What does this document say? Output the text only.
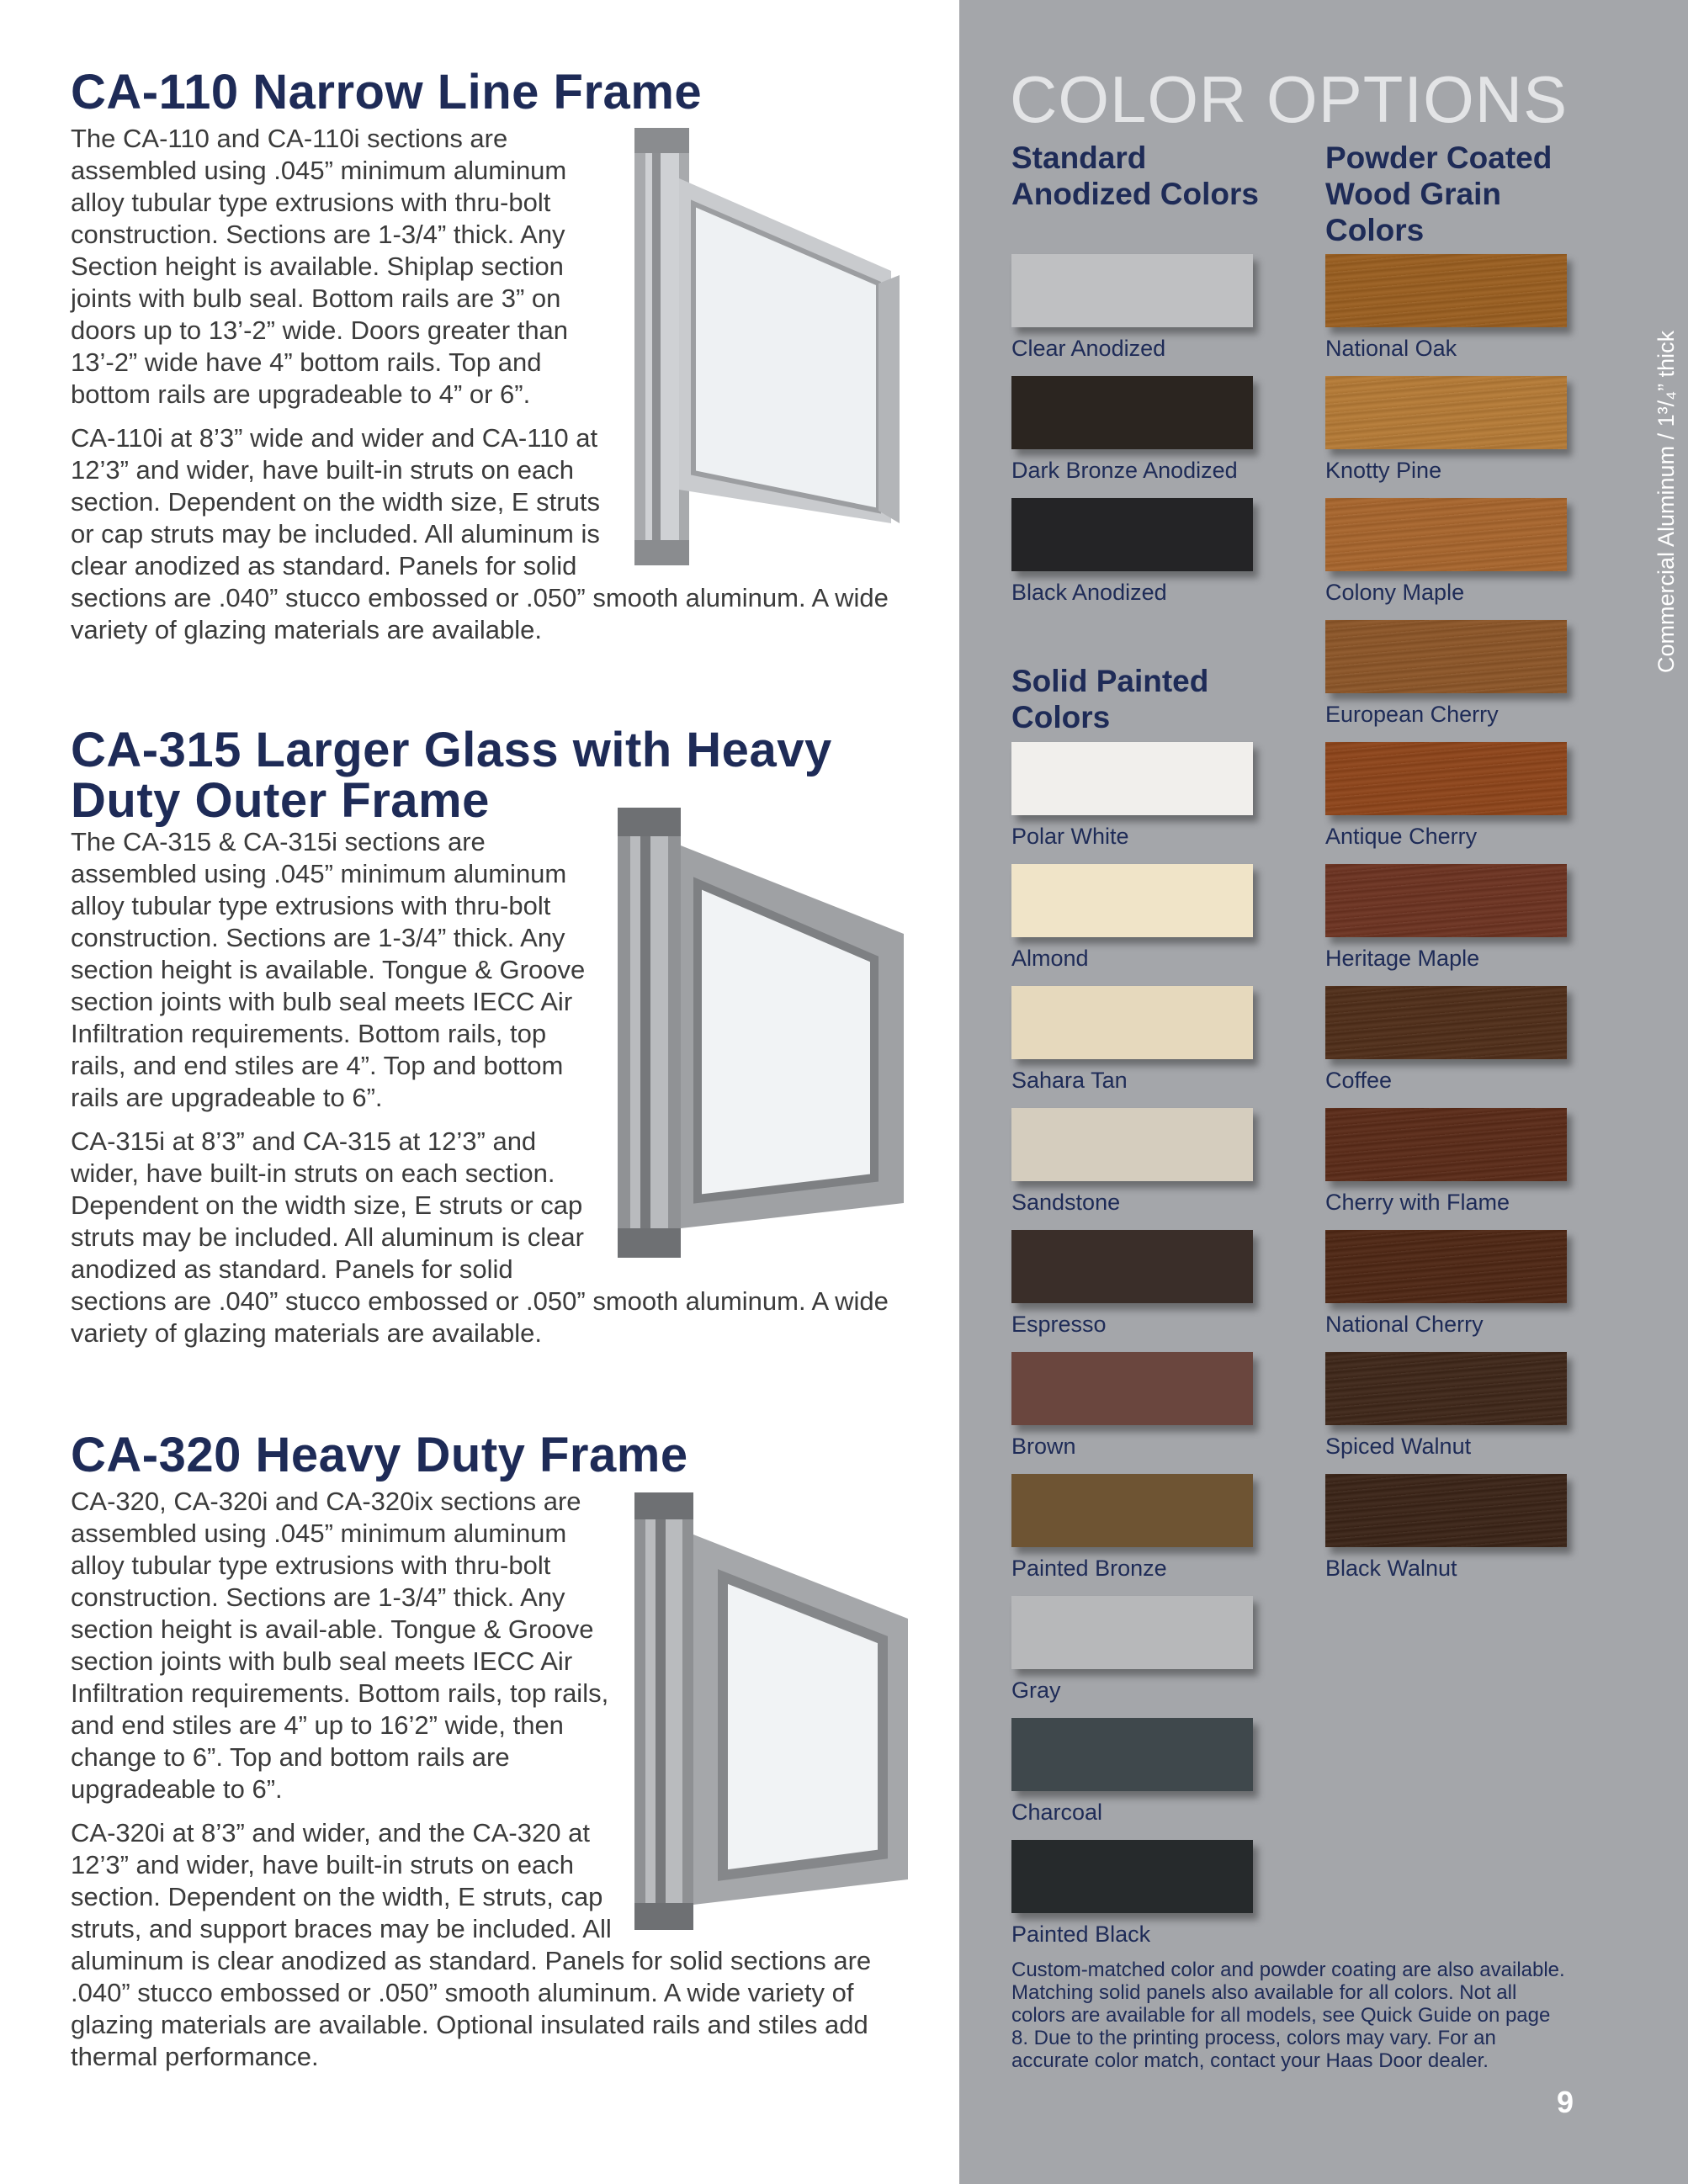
CA-110 Narrow Line Frame

The CA-110 and CA-110i sections are assembled using .045” minimum aluminum alloy tubular type extrusions with thru-bolt construction. Sections are 1-3/4” thick. Any Section height is available. Shiplap section joints with bulb seal. Bottom rails are 3” on doors up to 13’-2” wide. Doors greater than 13’-2” wide have 4” bottom rails. Top and bottom rails are upgradeable to 4” or 6”.

CA-110i at 8’3” wide and wider and CA-110 at 12’3” and wider, have built-in struts on each section. Dependent on the width size, E struts or cap struts may be included. All aluminum is clear anodized as standard. Panels for solid sections are .040” stucco embossed or .050” smooth aluminum. A wide variety of glazing materials are available.

CA-315 Larger Glass with Heavy Duty Outer Frame

The CA-315 & CA-315i sections are assembled using .045” minimum aluminum alloy tubular type extrusions with thru-bolt construction. Sections are 1-3/4” thick. Any section height is available. Tongue & Groove section joints with bulb seal meets IECC Air Infiltration requirements. Bottom rails, top rails, and end stiles are 4”. Top and bottom rails are upgradeable to 6”.

CA-315i at 8’3” and CA-315 at 12’3” and wider, have built-in struts on each section. Dependent on the width size, E struts or cap struts may be included. All aluminum is clear anodized as standard. Panels for solid sections are .040” stucco embossed or .050” smooth aluminum. A wide variety of glazing materials are available.

CA-320 Heavy Duty Frame

CA-320, CA-320i and CA-320ix sections are assembled using .045” minimum aluminum alloy tubular type extrusions with thru-bolt construction. Sections are 1-3/4” thick. Any section height is avail-able. Tongue & Groove section joints with bulb seal meets IECC Air Infiltration requirements. Bottom rails, top rails, and end stiles are 4” up to 16’2” wide, then change to 6”. Top and bottom rails are upgradeable to 6”.

CA-320i at 8’3” and wider, and the CA-320 at 12’3” and wider, have built-in struts on each section. Dependent on the width, E struts, cap struts, and support braces may be included. All aluminum is clear anodized as standard. Panels for solid sections are .040” stucco embossed or .050” smooth aluminum. A wide variety of glazing materials are available. Optional insulated rails and stiles add thermal performance.

COLOR OPTIONS
Standard Anodized Colors
Powder Coated Wood Grain Colors
Solid Painted Colors
Clear Anodized
Dark Bronze Anodized
Black Anodized
Polar White
Almond
Sahara Tan
Sandstone
Espresso
Brown
Painted Bronze
Gray
Charcoal
Painted Black
National Oak
Knotty Pine
Colony Maple
European Cherry
Antique Cherry
Heritage Maple
Coffee
Cherry with Flame
National Cherry
Spiced Walnut
Black Walnut

Custom-matched color and powder coating are also available. Matching solid panels also available for all colors. Not all colors are available for all models, see Quick Guide on page 8. Due to the printing process, colors may vary. For an accurate color match, contact your Haas Door dealer.

Commercial Aluminum / 1³/₄” thick
9
